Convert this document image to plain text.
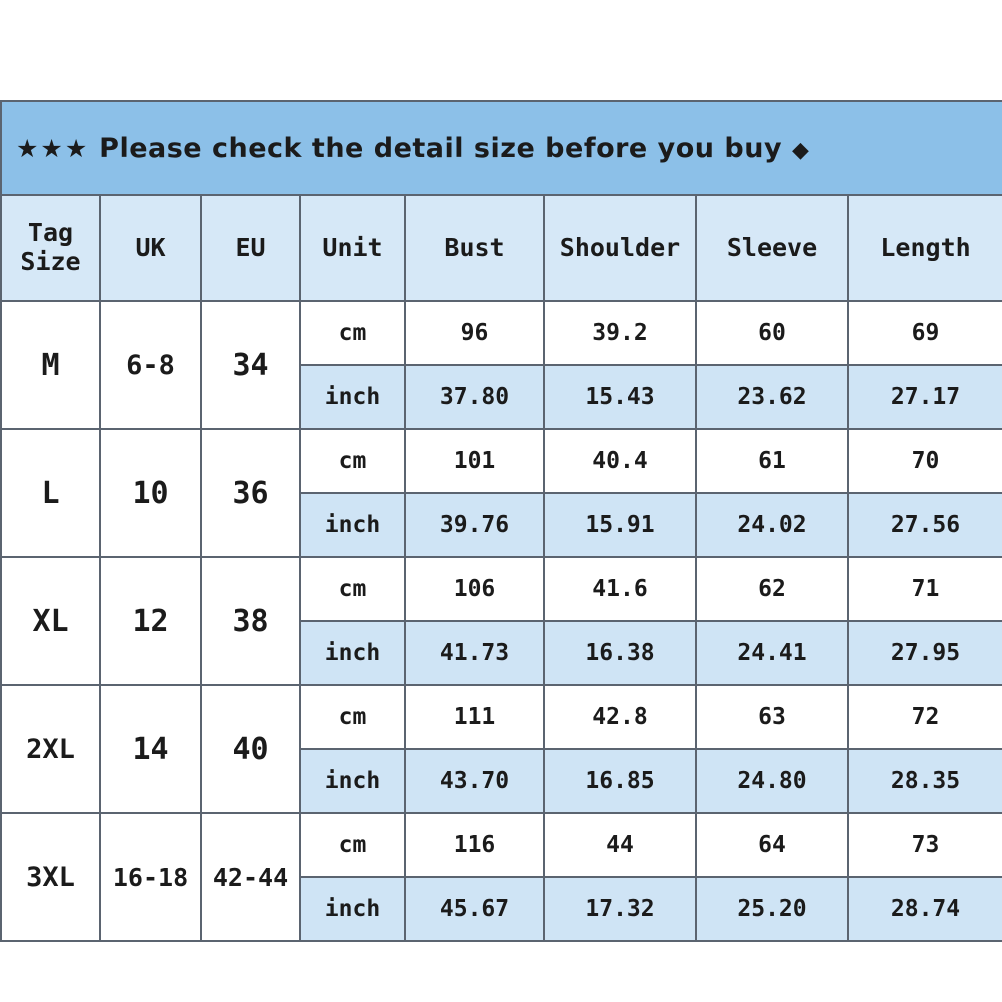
★★★ Please check the detail size before you buy ◆							

Tag
Size	UK	EU	Unit	Bust	Shoulder	Sleeve	Length
M	6-8	34	cm	96	39.2	60	69
			inch	37.80	15.43	23.62	27.17
L	10	36	cm	101	40.4	61	70
			inch	39.76	15.91	24.02	27.56
XL	12	38	cm	106	41.6	62	71
			inch	41.73	16.38	24.41	27.95
2XL	14	40	cm	111	42.8	63	72
			inch	43.70	16.85	24.80	28.35
3XL	16-18	42-44	cm	116	44	64	73
			inch	45.67	17.32	25.20	28.74
